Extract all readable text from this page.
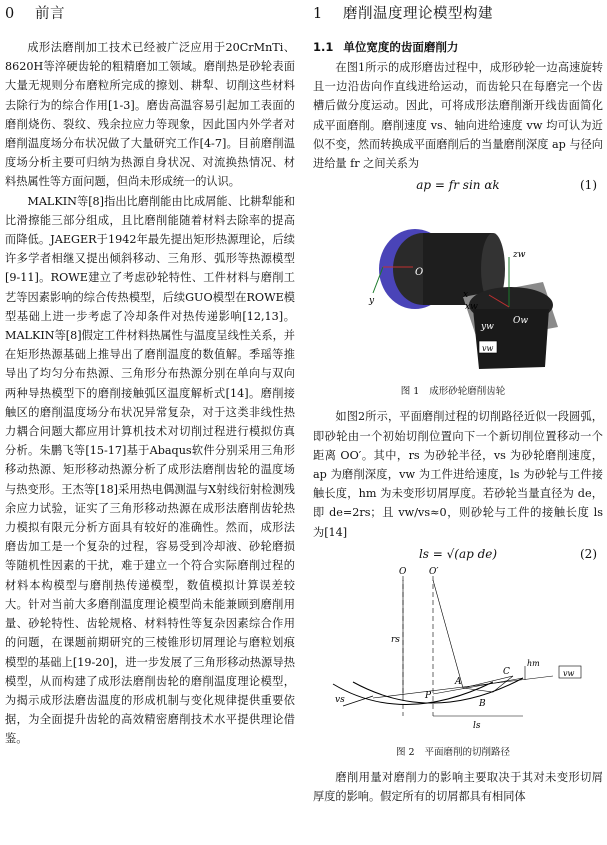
0 前言

成形法磨削加工技术已经被广泛应用于20CrMnTi、8620H等淬硬齿轮的粗精磨加工领域。磨削热是砂轮表面大量无规则分布磨粒所完成的擦划、耕犁、切削这些材料去除行为的综合作用[1-3]。磨齿高温容易引起加工表面的磨削烧伤、裂纹、残余拉应力等现象，因此国内外学者对磨削温度场分布状况做了大量研究工作[4-7]。目前磨削温度场分析主要可归纳为热源自身状况、对流换热情况、材料热属性等方面问题，但尚未形成统一的认识。

MALKIN等[8]指出比磨削能由比成屑能、比耕犁能和比滑擦能三部分组成，且比磨削能随着材料去除率的提高而降低。JAEGER于1942年最先提出矩形热源理论，后续许多学者相继又提出倾斜移动、三角形、弧形等热源模型[9-11]。ROWE建立了考虑砂轮特性、工件材料与磨削工艺等因素影响的综合传热模型，后续GUO模型在ROWE模型基础上进一步考虑了冷却条件对热传递影响[12,13]。MALKIN等[8]假定工件材料热属性与温度呈线性关系，并在矩形热源基础上推导出了磨削温度的数值解。季瑶等推导出了均匀分布热源、三角形分布热源分别在单向与双向两种导热模型下的磨削接触弧区温度解析式[14]。磨削接触区的磨削温度场分布状况异常复杂，对于这类非线性热力耦合问题大都应用计算机技术对切削过程进行模拟仿真分析。朱鹏飞等[15-17]基于Abaqus软件分别采用三角形移动热源、矩形移动热源分析了成形法磨削齿轮的温度场与热变形。王杰等[18]采用热电偶测温与X射线衍射检测残余应力试验，证实了三角形移动热源在成形法磨削齿轮热力模拟有限元分析方面具有较好的准确性。然而，成形法磨齿加工是一个复杂的过程，容易受到冷却液、砂轮磨损等随机性因素的干扰，难于建立一个符合实际磨削过程的材料本构模型与磨削热传递模型，数值模拟计算误差较大。针对当前大多磨削温度理论模型尚未能兼顾到磨削用量、砂轮特性、齿轮规格、材料特性等复杂因素综合作用的问题，在课题前期研究的三棱锥形切屑理论与磨粒划痕模型的基础上[19-20]，进一步发展了三角形移动热源导热模型，从而构建了成形法磨削齿轮的磨削温度理论模型，为揭示成形法磨齿温度的形成机制与变化规律提供重要依据，为全面提升齿轮的高效精密磨削技术水平提供理论借鉴。

1 磨削温度理论模型构建
1.1 单位宽度的齿面磨削力

在图1所示的成形磨齿过程中，成形砂轮一边高速旋转且一边沿齿向作直线进给运动，而齿轮只在每磨完一个齿槽后做分度运动。因此，可将成形法磨削渐开线齿面简化成平面磨削。磨削速度 vs、轴向进给速度 vw 均可认为近似不变，然而转换成平面磨削后的当量磨削深度 ap 与径向进给量 fr 之间关系为

ap = fr sin αk	(1)
O
y
x
zw
xw
Ow
yw
vw
图 1 成形砂轮磨削齿轮

如图2所示，平面磨削过程的切削路径近似一段圆弧，即砂轮由一个初始切削位置向下一个新切削位置移动一个距离 OO′。其中，rs 为砂轮半径，vs 为砂轮磨削速度，ap 为磨削深度，vw 为工件进给速度，ls 为砂轮与工件接触长度，hm 为未变形切屑厚度。若砂轮当量直径为 de，即 de=2rs；且 vw/vs≈0，则砂轮与工件的接触长度 ls 为[14]

ls = √(ap de)	(2)
O	O′
rs
vs
hm
vw
A
C
P
B
ls
图 2 平面磨削的切削路径

磨削用量对磨削力的影响主要取决于其对未变形切屑厚度的影响。假定所有的切屑都具有相同体
